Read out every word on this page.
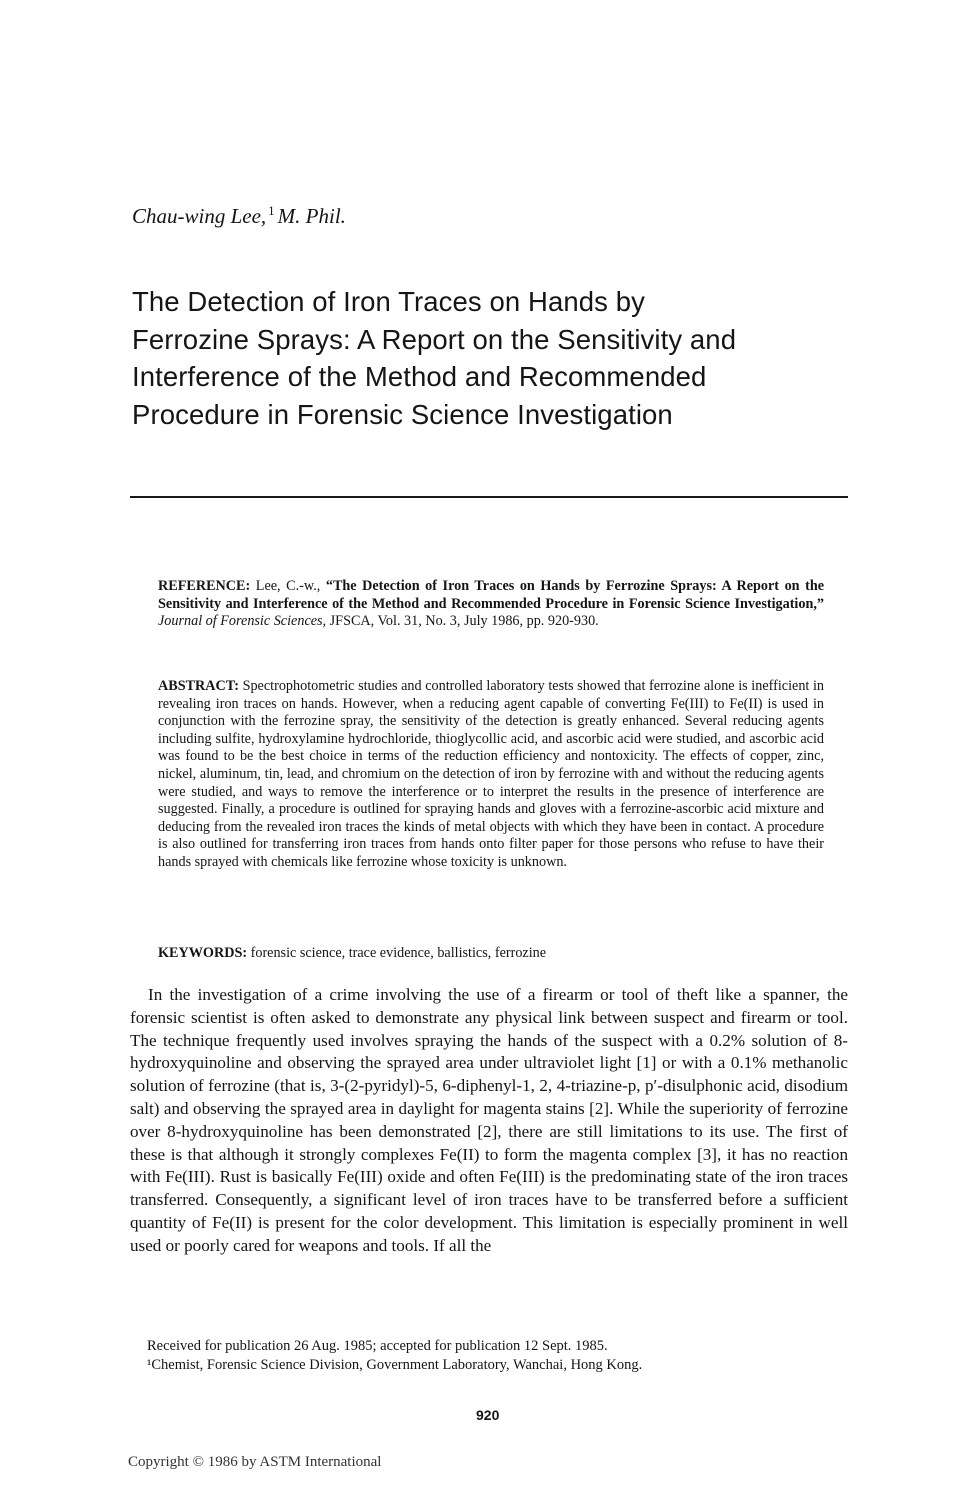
Chau-wing Lee, $^1$ M. Phil.
The Detection of Iron Traces on Hands by
Ferrozine Sprays: A Report on the Sensitivity and
Interference of the Method and Recommended
Procedure in Forensic Science Investigation
REFERENCE: Lee, C.-w., “The Detection of Iron Traces on Hands by Ferrozine Sprays: A Report on the Sensitivity and Interference of the Method and Recommended Procedure in Forensic Science Investigation,” Journal of Forensic Sciences, JFSCA, Vol. 31, No. 3, July 1986, pp. 920-930.
ABSTRACT: Spectrophotometric studies and controlled laboratory tests showed that ferrozine alone is inefficient in revealing iron traces on hands. However, when a reducing agent capable of converting Fe(III) to Fe(II) is used in conjunction with the ferrozine spray, the sensitivity of the detection is greatly enhanced. Several reducing agents including sulfite, hydroxylamine hydrochloride, thioglycollic acid, and ascorbic acid were studied, and ascorbic acid was found to be the best choice in terms of the reduction efficiency and nontoxicity. The effects of copper, zinc, nickel, aluminum, tin, lead, and chromium on the detection of iron by ferrozine with and without the reducing agents were studied, and ways to remove the interference or to interpret the results in the presence of interference are suggested. Finally, a procedure is outlined for spraying hands and gloves with a ferrozine-ascorbic acid mixture and deducing from the revealed iron traces the kinds of metal objects with which they have been in contact. A procedure is also outlined for transferring iron traces from hands onto filter paper for those persons who refuse to have their hands sprayed with chemicals like ferrozine whose toxicity is unknown.
KEYWORDS: forensic science, trace evidence, ballistics, ferrozine

In the investigation of a crime involving the use of a firearm or tool of theft like a spanner, the forensic scientist is often asked to demonstrate any physical link between suspect and firearm or tool. The technique frequently used involves spraying the hands of the suspect with a 0.2% solution of 8-hydroxyquinoline and observing the sprayed area under ultraviolet light [1] or with a 0.1% methanolic solution of ferrozine (that is, 3-(2-pyridyl)-5, 6-diphenyl-1, 2, 4-triazine-p, p′-disulphonic acid, disodium salt) and observing the sprayed area in daylight for magenta stains [2]. While the superiority of ferrozine over 8-hydroxyquinoline has been demonstrated [2], there are still limitations to its use. The first of these is that although it strongly complexes Fe(II) to form the magenta complex [3], it has no reaction with Fe(III). Rust is basically Fe(III) oxide and often Fe(III) is the predominating state of the iron traces transferred. Consequently, a significant level of iron traces have to be transferred before a sufficient quantity of Fe(II) is present for the color development. This limitation is especially prominent in well used or poorly cared for weapons and tools. If all the

Received for publication 26 Aug. 1985; accepted for publication 12 Sept. 1985.
¹Chemist, Forensic Science Division, Government Laboratory, Wanchai, Hong Kong.
920
Copyright © 1986 by ASTM International
